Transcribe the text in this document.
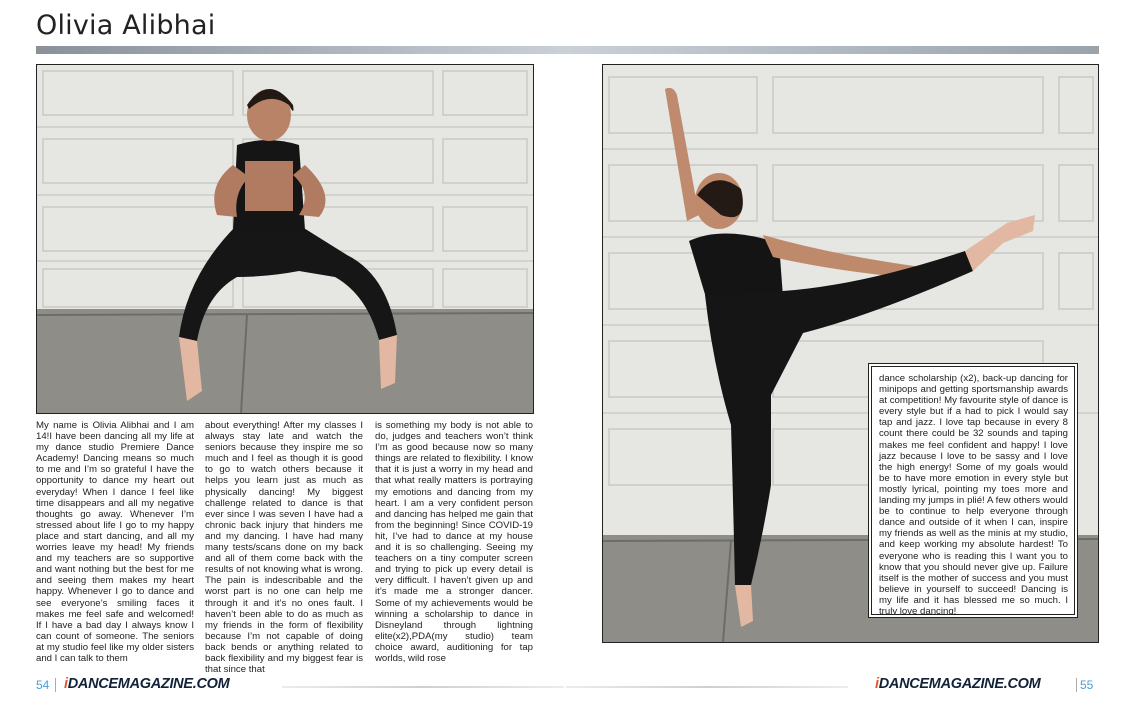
Olivia Alibhai
My name is Olivia Alibhai and I am 14!I have been dancing all my life at my dance studio Premiere Dance Academy! Dancing means so much to me and I’m so grateful I have the opportunity to dance my heart out everyday! When I dance I feel like time disappears and all my negative thoughts go away. Whenever I’m stressed about life I go to my happy place and start dancing, and all my worries leave my head! My friends and my teachers are so supportive and want nothing but the best for me and seeing them makes my heart happy. Whenever I go to dance and see everyone’s smiling faces it makes me feel safe and welcomed! If I have a bad day I always know I can count of someone. The seniors at my studio feel like my older sisters and I can talk to them
about everything! After my classes I always stay late and watch the seniors because they inspire me so much and I feel as though it is good to go to watch others because it helps you learn just as much as physically dancing! My biggest challenge related to dance is that ever since I was seven I have had a chronic back injury that hinders me and my dancing. I have had many many tests/scans done on my back and all of them come back with the results of not knowing what is wrong. The pain is indescribable and the worst part is no one can help me through it and it’s no ones fault. I haven’t been able to do as much as my friends in the form of flexibility because I’m not capable of doing back bends or anything related to back flexibility and my biggest fear is that since that
is something my body is not able to do, judges and teachers won’t think I’m as good because now so many things are related to flexibility. I know that it is just a worry in my head and that what really matters is portraying my emotions and dancing from my heart. I am a very confident person and dancing has helped me gain that from the beginning! Since COVID-19 hit, I’ve had to dance at my house and it is so challenging. Seeing my teachers on a tiny computer screen and trying to pick up every detail is very difficult. I haven’t given up and it’s made me a stronger dancer. Some of my achievements would be winning a scholarship to dance in Disneyland through lightning elite(x2),PDA(my studio) team choice award, auditioning for tap worlds, wild rose
dance scholarship (x2), back-up dancing for minipops and getting sportsmanship awards at competition! My favourite style of dance is every style but if a had to pick I would say tap and jazz. I love tap because in every 8 count there could be 32 sounds and taping makes me feel confident and happy! I love jazz because I love to be sassy and I love the high energy! Some of my goals would be to have more emotion in every style but mostly lyrical, pointing my toes more and landing my jumps in plié! A few others would be to continue to help everyone through dance and outside of it when I can, inspire my friends as well as the minis at my studio, and keep working my absolute hardest! To everyone who is reading this I want you to know that you should never give up. Failure itself is the mother of success and you must believe in yourself to succeed! Dancing is my life and it has blessed me so much. I truly love dancing!
54 iDANCEMAGAZINE.COM	iDANCEMAGAZINE.COM	55
